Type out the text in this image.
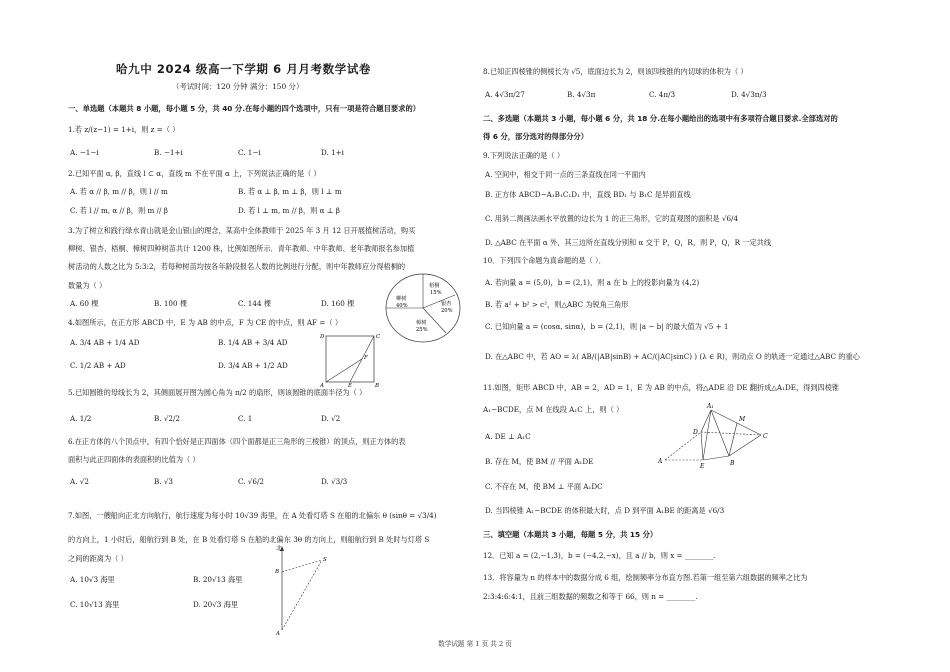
哈九中 2024 级高一下学期 6 月月考数学试卷
（考试时间：120 分钟 满分：150 分）
一、单选题（本题共 8 小题，每小题 5 分，共 40 分.在每小题的四个选项中，只有一项是符合题目要求的）
1.若 z/(z−1) = 1+i，则 z =（ ）
A. −1−i	B. −1+i	C. 1−i	D. 1+i
2.已知平面 α, β，直线 l ⊂ α，直线 m 不在平面 α 上，下列说法正确的是（ ）
A. 若 α // β, m // β，则 l // m	B. 若 α ⊥ β, m ⊥ β，则 l ⊥ m
C. 若 l // m, α // β，则 m // β	D. 若 l ⊥ m, m // β，则 α ⊥ β
3.为了树立和践行绿水青山就是金山银山的理念，某高中全体教师于 2025 年 3 月 12 日开展植树活动，购买
柳树、银杏、梧桐、樟树四种树苗共计 1200 株，比例如图所示．青年教师、中年教师、老年教师报名参加植
树活动的人数之比为 5:3:2，若每种树苗均按各年龄段报名人数的比例进行分配，则中年教师应分得梧桐的
数量为（ ）
A. 60 棵	B. 100 棵	C. 144 棵	D. 160 棵
梧桐
15%
银杏
20%
柳树
40%
樟树
25%
4.如图所示，在正方形 ABCD 中，E 为 AB 的中点，F 为 CE 的中点，则 AF =（ ）
A. 3/4 AB + 1/4 AD	B. 1/4 AB + 3/4 AD
C. 1/2 AB + AD	D. 3/4 AB + 1/2 AD
D	C
F
A	E	B
5.已知圆锥的母线长为 2，其侧面展开图为圆心角为 π/2 的扇形，则该圆锥的底面半径为（ ）
A. 1/2	B. √2/2	C. 1	D. √2
6.在正方体的八个顶点中，有四个恰好是正四面体（四个面都是正三角形的三棱锥）的顶点，则正方体的表
面积与此正四面体的表面积的比值为（ ）
A. √2	B. √3	C. √6/2	D. √3/3
7.如图，一艘船向正北方向航行，航行速度为每小时 10√39 海里，在 A 处看灯塔 S 在船的北偏东 θ (sinθ = √3/4)
的方向上，1 小时后，船航行到 B 处，在 B 处看灯塔 S 在船的北偏东 3θ 的方向上，则船航行到 B 处时与灯塔 S
之间的距离为（ ）
A. 10√3 海里	B. 20√13 海里
C. 10√13 海里	D. 20√3 海里
北
B
S
A
8.已知正四棱锥的侧棱长为 √5，底面边长为 2，则该四棱锥的内切球的体积为（ ）
A. 4√3π/27	B. 4√3π	C. 4π/3	D. 4√3π/3
二、多选题（本题共 3 小题，每小题 6 分，共 18 分.在每小题给出的选项中有多项符合题目要求.全部选对的
得 6 分，部分选对的得部分分）
9.下列说法正确的是（ ）
A. 空间中，相交于同一点的三条直线在同一平面内
B. 正方体 ABCD−A₁B₁C₁D₁ 中，直线 BD₁ 与 B₁C 是异面直线
C. 用斜二测画法画水平放置的边长为 1 的正三角形，它的直观图的面积是 √6/4
D. △ABC 在平面 α 外，其三边所在直线分别和 α 交于 P，Q，R，则 P，Q，R 一定共线
10．下列四个命题为真命题的是（ ）．
A. 若向量 a = (5,0)，b = (2,1)，则 a 在 b 上的投影向量为 (4,2)
B. 若 a² + b² > c²，则△ABC 为锐角三角形
C. 已知向量 a = (cosα, sinα)，b = (2,1)，则 |a − b| 的最大值为 √5 + 1
D. 在△ABC 中，若 AO = λ( AB/(|AB|sinB) + AC/(|AC|sinC) ) (λ ∈ R)，则动点 O 的轨迹一定通过△ABC 的重心
11.如图，矩形 ABCD 中，AB = 2，AD = 1，E 为 AB 的中点，将△ADE 沿 DE 翻折成△A₁DE，得到四棱锥
A₁−BCDE，点 M 在线段 A₁C 上，则（ ）
A. DE ⊥ A₁C
B. 存在 M，使 BM // 平面 A₁DE
C. 不存在 M，使 BM ⊥ 平面 A₁DC
D. 当四棱锥 A₁−BCDE 的体积最大时，点 D 到平面 A₁BE 的距离是 √6/3
A₁
M
D
C
A
E	B
三、填空题（本题共 3 小题，每题 5 分，共 15 分）
12．已知 a = (2,−1,3)，b = (−4,2,−x)，且 a // b，则 x = ________.
13．将容量为 n 的样本中的数据分成 6 组，绘制频率分布直方图.若第一组至第六组数据的频率之比为
2:3:4:6:4:1，且前三组数据的频数之和等于 66，则 n = ________.
数学试题 第 1 页 共 2 页
